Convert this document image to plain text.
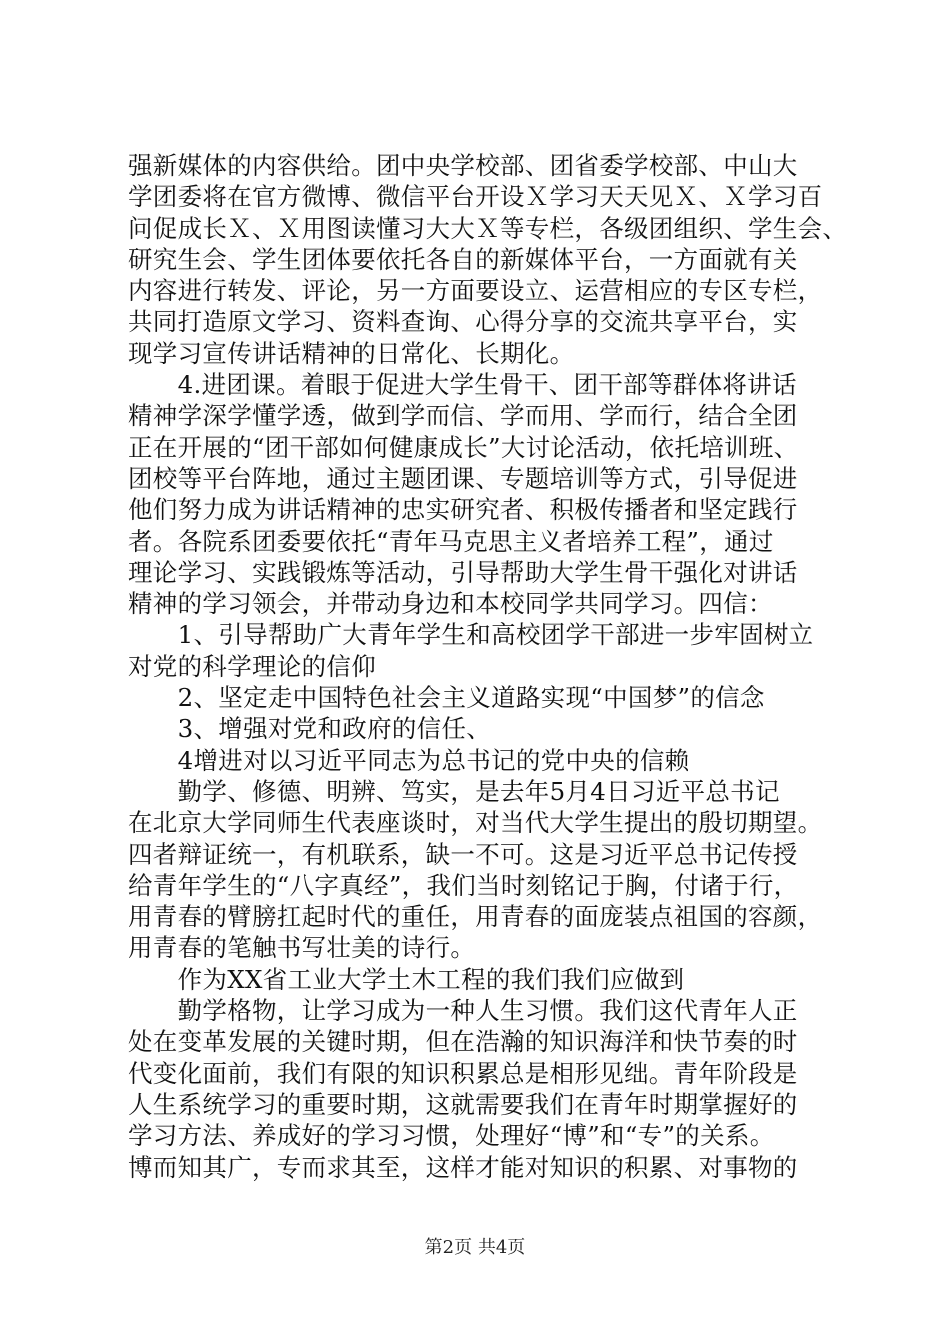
强新媒体的内容供给。团中央学校部、团省委学校部、中山大
学团委将在官方微博、微信平台开设Ｘ学习天天见Ｘ、Ｘ学习百
问促成长Ｘ、Ｘ用图读懂习大大Ｘ等专栏，各级团组织、学生会、
研究生会、学生团体要依托各自的新媒体平台，一方面就有关
内容进行转发、评论，另一方面要设立、运营相应的专区专栏，
共同打造原文学习、资料查询、心得分享的交流共享平台，实
现学习宣传讲话精神的日常化、长期化。
　　4.进团课。着眼于促进大学生骨干、团干部等群体将讲话
精神学深学懂学透，做到学而信、学而用、学而行，结合全团
正在开展的“团干部如何健康成长”大讨论活动，依托培训班、
团校等平台阵地，通过主题团课、专题培训等方式，引导促进
他们努力成为讲话精神的忠实研究者、积极传播者和坚定践行
者。各院系团委要依托“青年马克思主义者培养工程”，通过
理论学习、实践锻炼等活动，引导帮助大学生骨干强化对讲话
精神的学习领会，并带动身边和本校同学共同学习。四信：
　　1、引导帮助广大青年学生和高校团学干部进一步牢固树立
对党的科学理论的信仰
　　2、坚定走中国特色社会主义道路实现“中国梦”的信念
　　3、增强对党和政府的信任、
　　4增进对以习近平同志为总书记的党中央的信赖
　　勤学、修德、明辨、笃实，是去年5月4日习近平总书记
在北京大学同师生代表座谈时，对当代大学生提出的殷切期望。
四者辩证统一，有机联系，缺一不可。这是习近平总书记传授
给青年学生的“八字真经”，我们当时刻铭记于胸，付诸于行，
用青春的臂膀扛起时代的重任，用青春的面庞装点祖国的容颜，
用青春的笔触书写壮美的诗行。
　　作为XX省工业大学土木工程的我们我们应做到
　　勤学格物，让学习成为一种人生习惯。我们这代青年人正
处在变革发展的关键时期，但在浩瀚的知识海洋和快节奏的时
代变化面前，我们有限的知识积累总是相形见绌。青年阶段是
人生系统学习的重要时期，这就需要我们在青年时期掌握好的
学习方法、养成好的学习习惯，处理好“博”和“专”的关系。
博而知其广，专而求其至，这样才能对知识的积累、对事物的
第2页 共4页
